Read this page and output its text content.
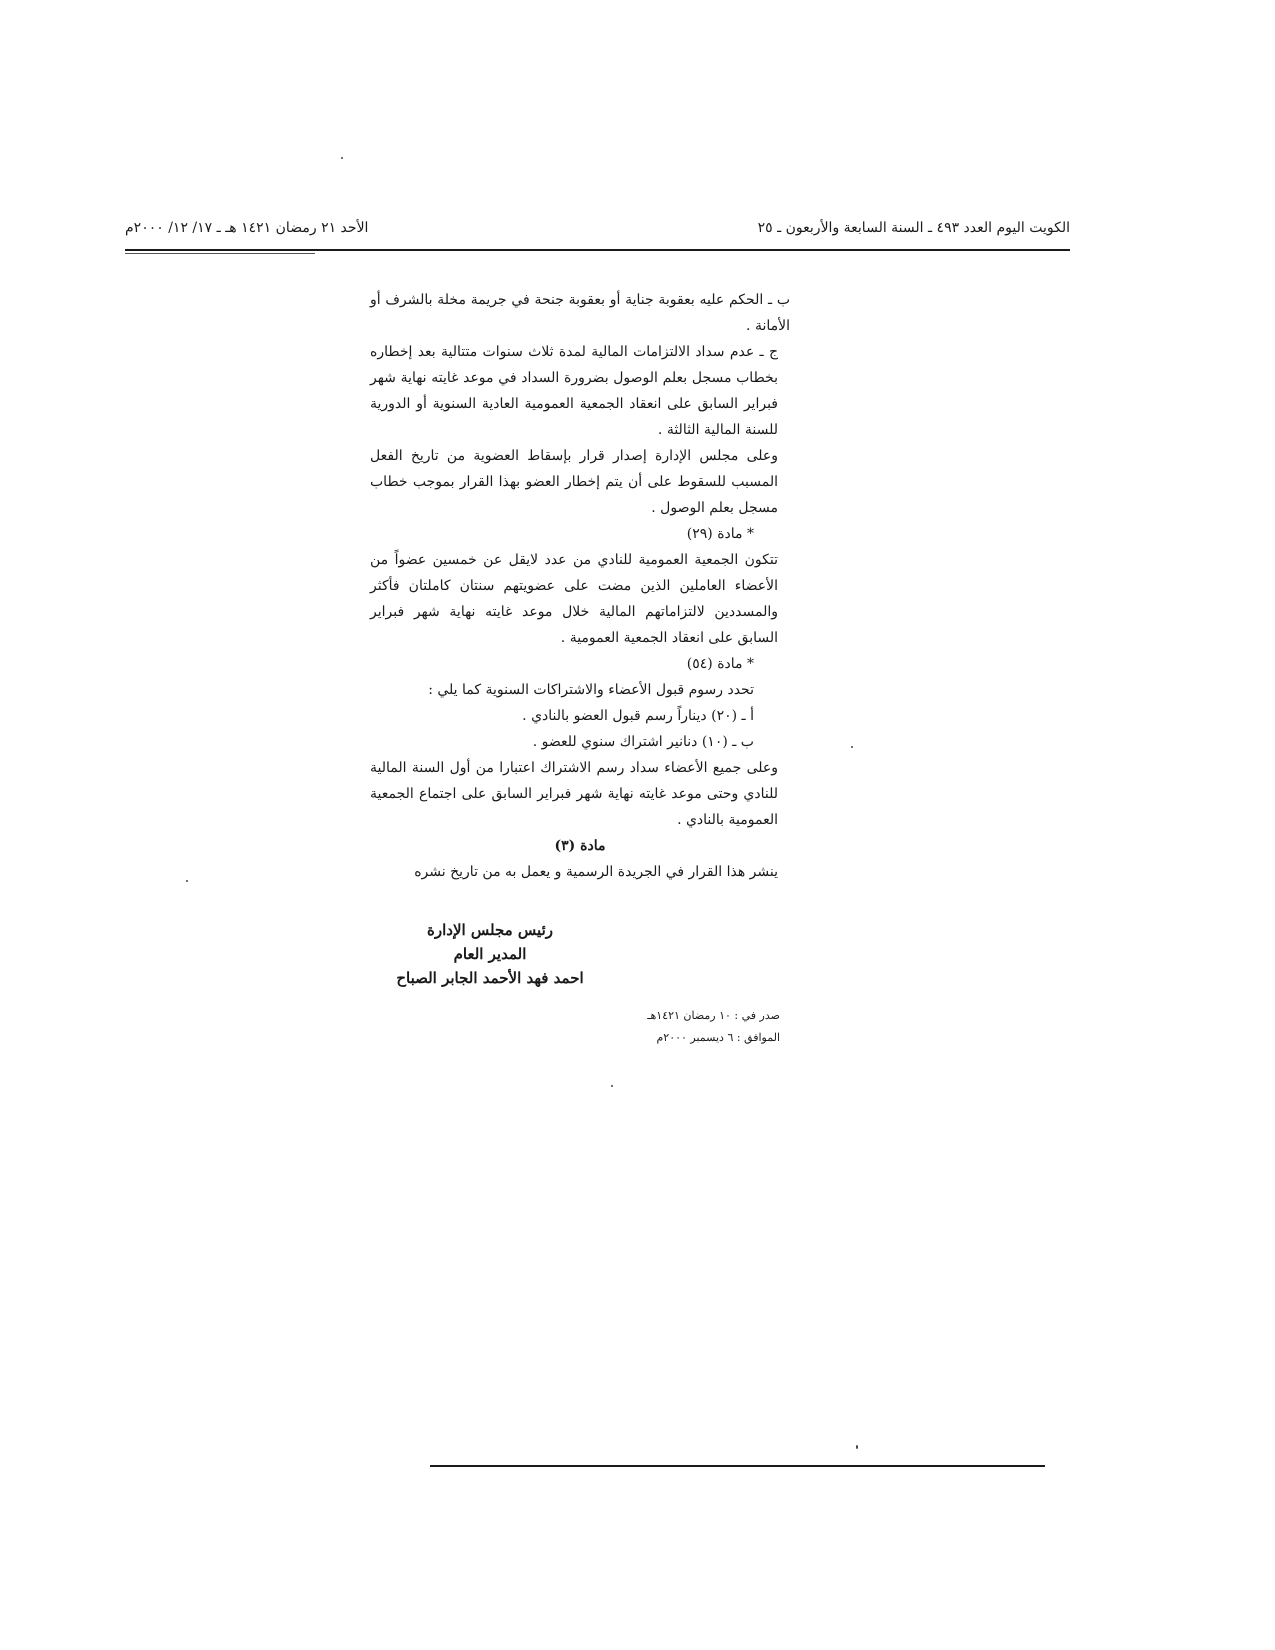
الكويت اليوم العدد ٤٩٣ ـ السنة السابعة والأربعون ـ ٢٥
الأحد ٢١ رمضان ١٤٢١ هـ ـ ١٧/ ١٢/ ٢٠٠٠م

ب ـ الحكم عليه بعقوبة جناية أو بعقوبة جنحة في جريمة مخلة بالشرف أو الأمانة .

ج ـ عدم سداد الالتزامات المالية لمدة ثلاث سنوات متتالية بعد إخطاره بخطاب مسجل بعلم الوصول بضرورة السداد في موعد غايته نهاية شهر فبراير السابق على انعقاد الجمعية العمومية العادية السنوية أو الدورية للسنة المالية الثالثة .

وعلى مجلس الإدارة إصدار قرار بإسقاط العضوية من تاريخ الفعل المسبب للسقوط على أن يتم إخطار العضو بهذا القرار بموجب خطاب مسجل بعلم الوصول .

* مادة (٢٩)

تتكون الجمعية العمومية للنادي من عدد لايقل عن خمسين عضواً من الأعضاء العاملين الذين مضت على عضويتهم سنتان كاملتان فأكثر والمسددين لالتزاماتهم المالية خلال موعد غايته نهاية شهر فبراير السابق على انعقاد الجمعية العمومية .

* مادة (٥٤)

تحدد رسوم قبول الأعضاء والاشتراكات السنوية كما يلي :

أ ـ (٢٠) ديناراً رسم قبول العضو بالنادي .

ب ـ (١٠) دنانير اشتراك سنوي للعضو .

وعلى جميع الأعضاء سداد رسم الاشتراك اعتبارا من أول السنة المالية للنادي وحتى موعد غايته نهاية شهر فبراير السابق على اجتماع الجمعية العمومية بالنادي .

مادة (٣)

ينشر هذا القرار في الجريدة الرسمية و يعمل به من تاريخ نشره

رئيس مجلس الإدارة

المدير العام

احمد فهد الأحمد الجابر الصباح

صدر في : ١٠ رمضان ١٤٢١هـ

الموافق : ٦ ديسمبر ٢٠٠٠م
